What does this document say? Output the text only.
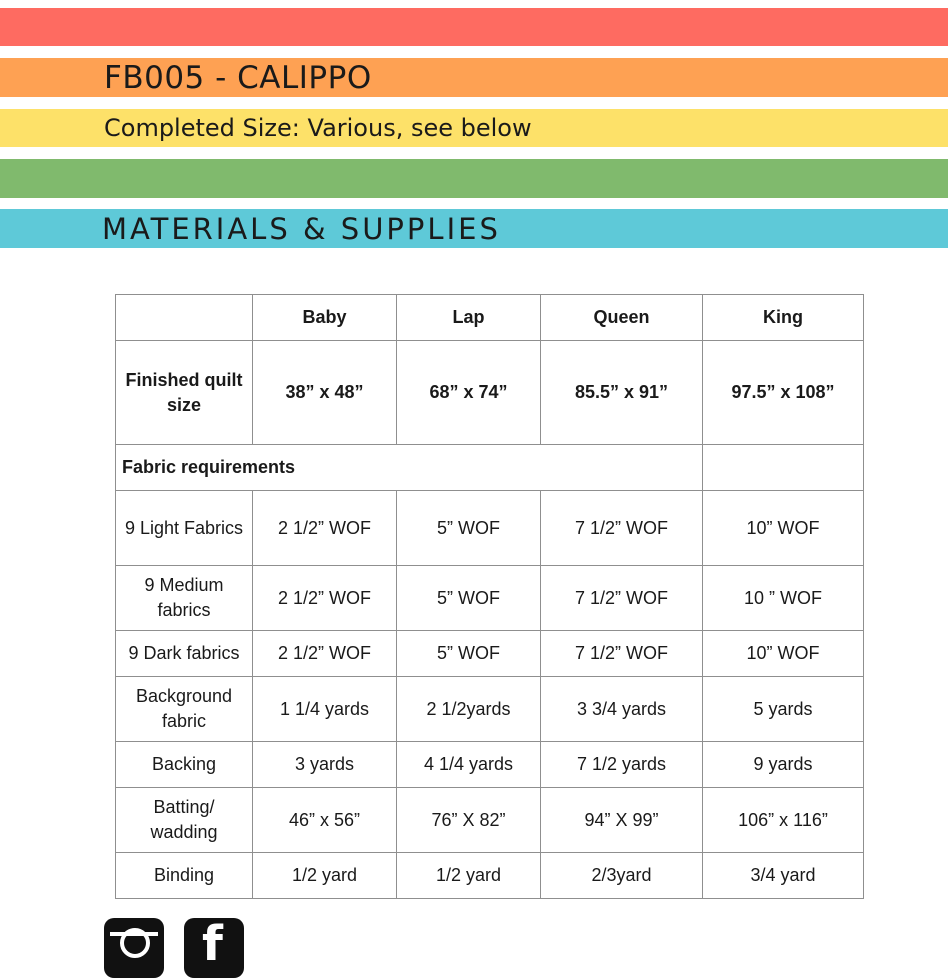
FB005 - CALIPPO
Completed Size: Various, see below
MATERIALS & SUPPLIES
	Baby	Lap	Queen	King
Finished quilt size	38” x 48”	68” x 74”	85.5” x 91”	97.5” x 108”
Fabric requirements				
9 Light Fabrics	2 1/2” WOF	5” WOF	7 1/2” WOF	10” WOF
9 Medium fabrics	2 1/2” WOF	5” WOF	7 1/2” WOF	10 ” WOF
9 Dark fabrics	2 1/2” WOF	5” WOF	7 1/2” WOF	10” WOF
Background fabric	1 1/4 yards	2 1/2yards	3 3/4 yards	5 yards
Backing	3 yards	4 1/4 yards	7 1/2 yards	9 yards
Batting/ wadding	46” x 56”	76” X 82”	94” X 99”	106” x 116”
Binding	1/2 yard	1/2 yard	2/3yard	3/4 yard
f
